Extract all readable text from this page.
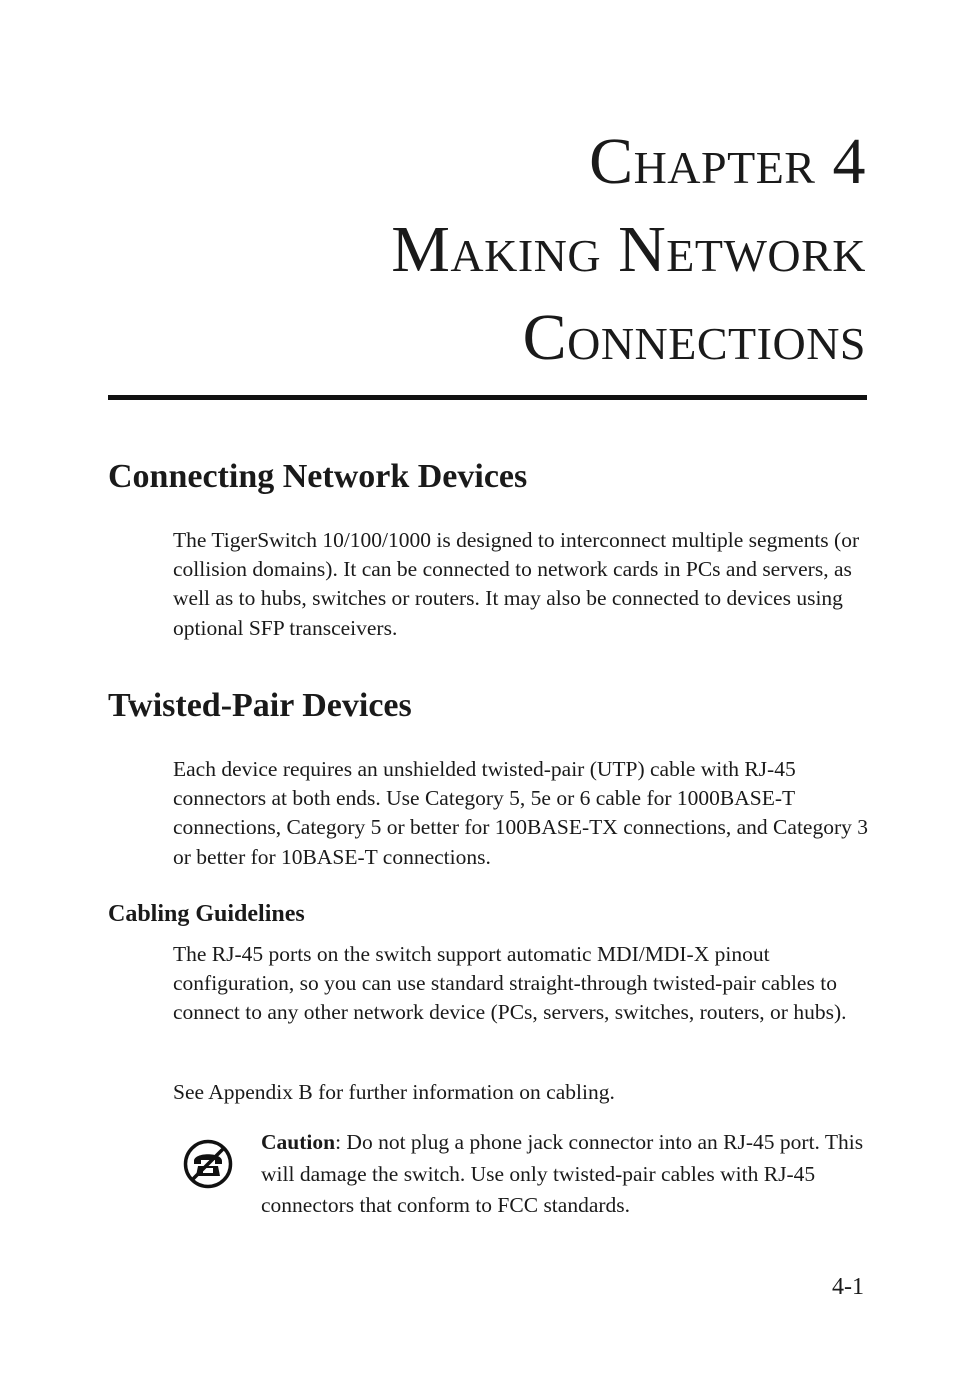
Chapter 4
Making Network
Connections
Connecting Network Devices

The TigerSwitch 10/100/1000 is designed to interconnect multiple segments (or collision domains). It can be connected to network cards in PCs and servers, as well as to hubs, switches or routers. It may also be connected to devices using optional SFP transceivers.

Twisted-Pair Devices

Each device requires an unshielded twisted-pair (UTP) cable with RJ-45 connectors at both ends. Use Category 5, 5e or 6 cable for 1000BASE-T connections, Category 5 or better for 100BASE-TX connections, and Category 3 or better for 10BASE-T connections.

Cabling Guidelines

The RJ-45 ports on the switch support automatic MDI/MDI-X pinout configuration, so you can use standard straight-through twisted-pair cables to connect to any other network device (PCs, servers, switches, routers, or hubs).

See Appendix B for further information on cabling.

Caution: Do not plug a phone jack connector into an RJ-45 port. This will damage the switch. Use only twisted-pair cables with RJ-45 connectors that conform to FCC standards.

4-1
